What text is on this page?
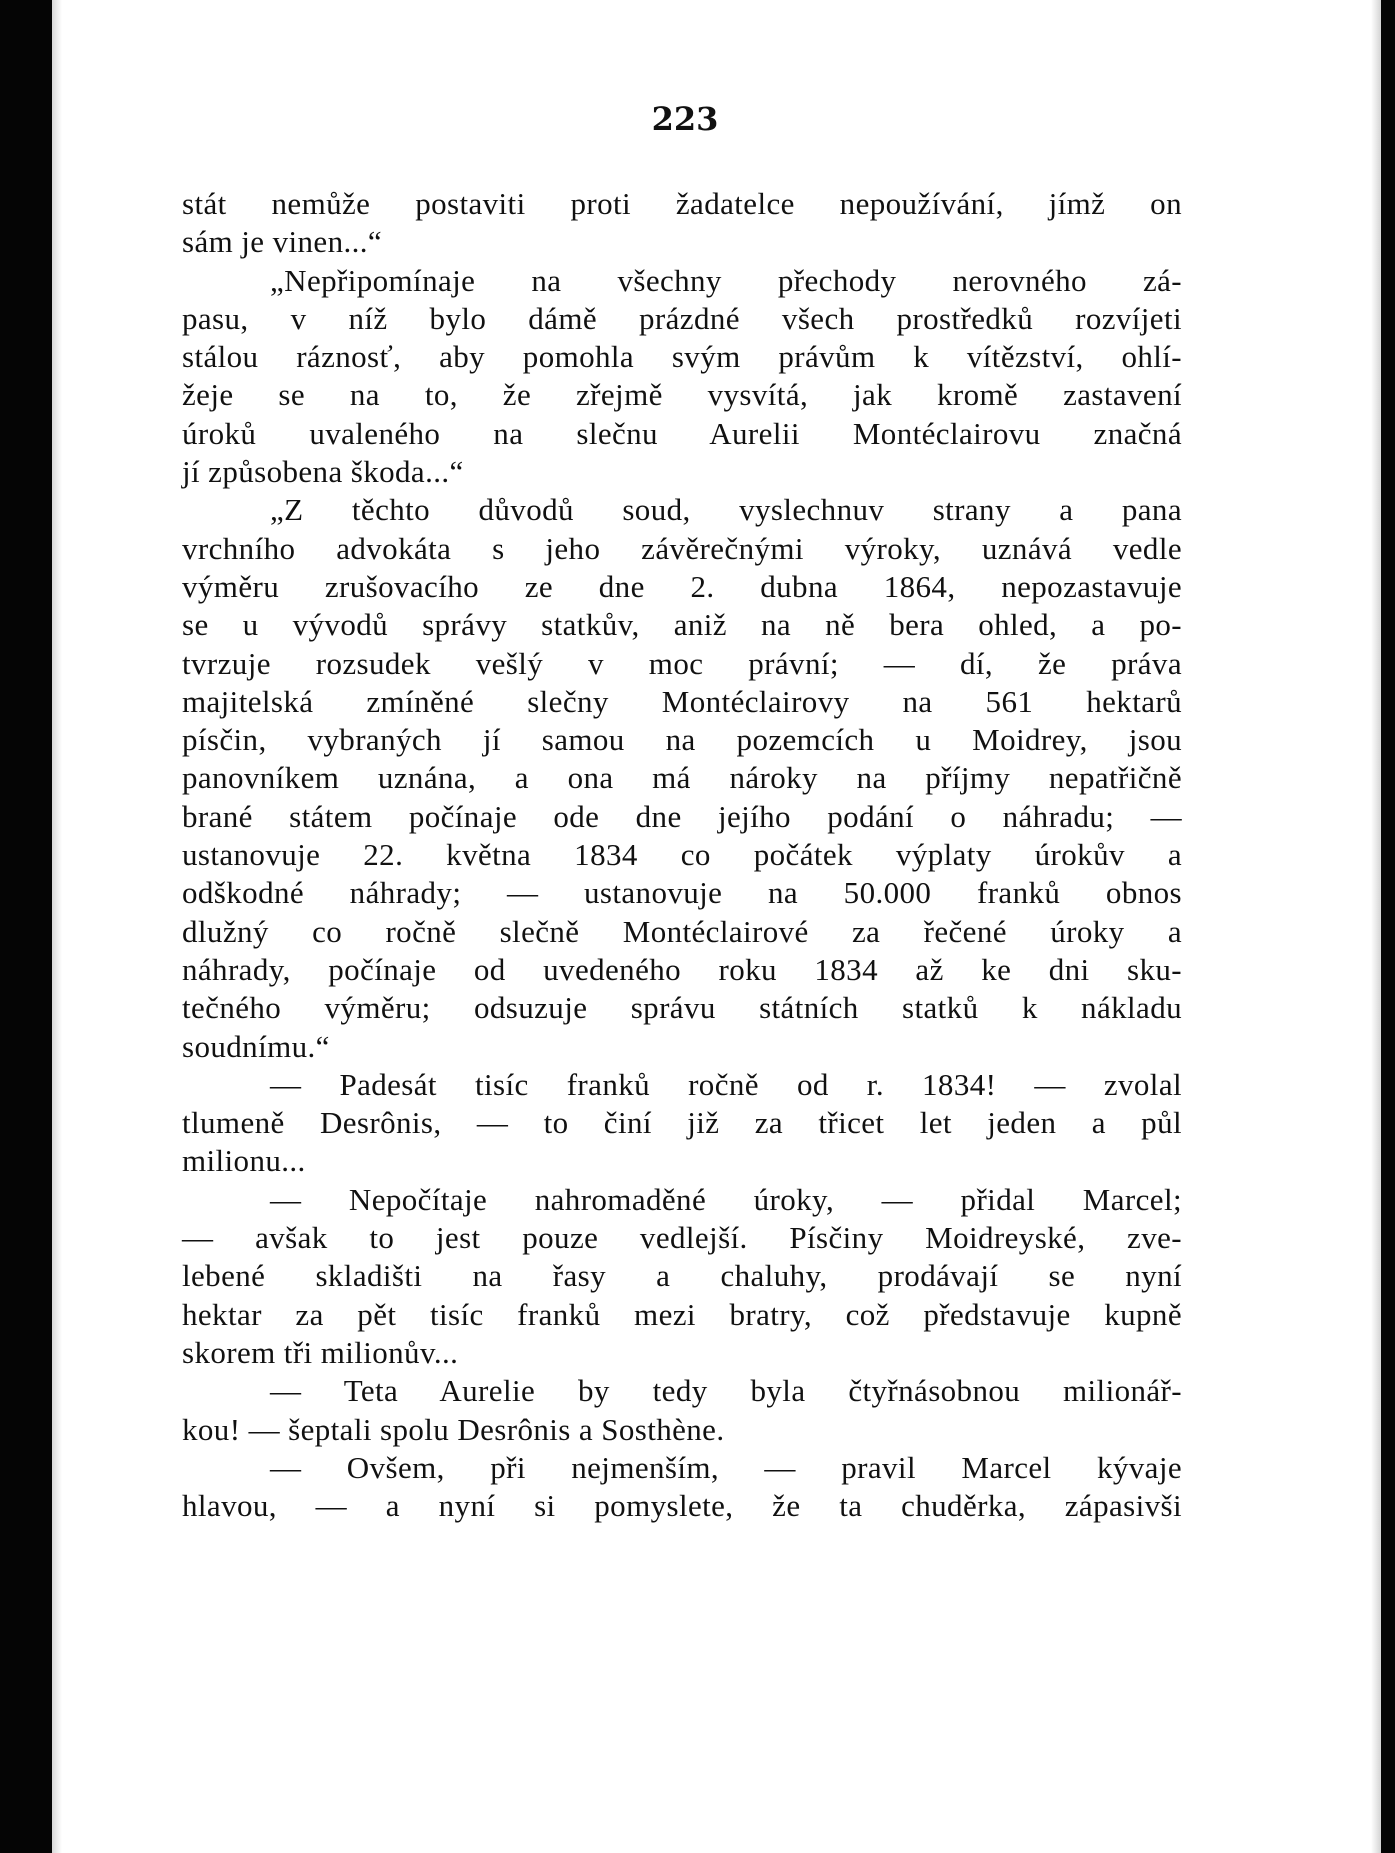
223

stát nemůže postaviti proti žadatelce nepoužívání, jímž on
sám je vinen...“
„Nepřipomínaje na všechny přechody nerovného zá-
pasu, v níž bylo dámě prázdné všech prostředků rozvíjeti
stálou ráznosť, aby pomohla svým právům k vítězství, ohlí-
žeje se na to, že zřejmě vysvítá, jak kromě zastavení
úroků uvaleného na slečnu Aurelii Montéclairovu značná
jí způsobena škoda...“
„Z těchto důvodů soud, vyslechnuv strany a pana
vrchního advokáta s jeho závěrečnými výroky, uznává vedle
výměru zrušovacího ze dne 2. dubna 1864, nepozastavuje
se u vývodů správy statkův, aniž na ně bera ohled, a po-
tvrzuje rozsudek vešlý v moc právní; — dí, že práva
majitelská zmíněné slečny Montéclairovy na 561 hektarů
písčin, vybraných jí samou na pozemcích u Moidrey, jsou
panovníkem uznána, a ona má nároky na příjmy nepatřičně
brané státem počínaje ode dne jejího podání o náhradu; —
ustanovuje 22. května 1834 co počátek výplaty úrokův a
odškodné náhrady; — ustanovuje na 50.000 franků obnos
dlužný co ročně slečně Montéclairové za řečené úroky a
náhrady, počínaje od uvedeného roku 1834 až ke dni sku-
tečného výměru; odsuzuje správu státních statků k nákladu
soudnímu.“
— Padesát tisíc franků ročně od r. 1834! — zvolal
tlumeně Desrônis, — to činí již za třicet let jeden a půl
milionu...
— Nepočítaje nahromaděné úroky, — přidal Marcel;
— avšak to jest pouze vedlejší. Písčiny Moidreyské, zve-
lebené skladišti na řasy a chaluhy, prodávají se nyní
hektar za pět tisíc franků mezi bratry, což představuje kupně
skorem tři milionův...
— Teta Aurelie by tedy byla čtyřnásobnou milionář-
kou! — šeptali spolu Desrônis a Sosthène.
— Ovšem, při nejmenším, — pravil Marcel kývaje
hlavou, — a nyní si pomyslete, že ta chuděrka, zápasivši
